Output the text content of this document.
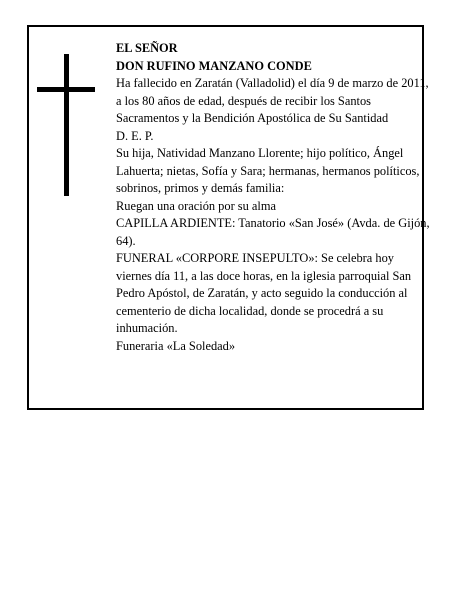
EL SEÑOR

DON RUFINO MANZANO CONDE

Ha fallecido en Zaratán (Valladolid) el día 9 de marzo de 2011, a los 80 años de edad, después de recibir los Santos Sacramentos y la Bendición Apostólica de Su Santidad

D. E. P.

Su hija, Natividad Manzano Llorente; hijo político, Ángel Lahuerta; nietas, Sofía y Sara; hermanas, hermanos políticos, sobrinos, primos y demás familia:

Ruegan una oración por su alma

CAPILLA ARDIENTE: Tanatorio «San José» (Avda. de Gijón, 64).

FUNERAL «CORPORE INSEPULTO»: Se celebra hoy viernes día 11, a las doce horas, en la iglesia parroquial San Pedro Apóstol, de Zaratán, y acto seguido la conducción al cementerio de dicha localidad, donde se procedrá a su inhumación.

Funeraria «La Soledad»
